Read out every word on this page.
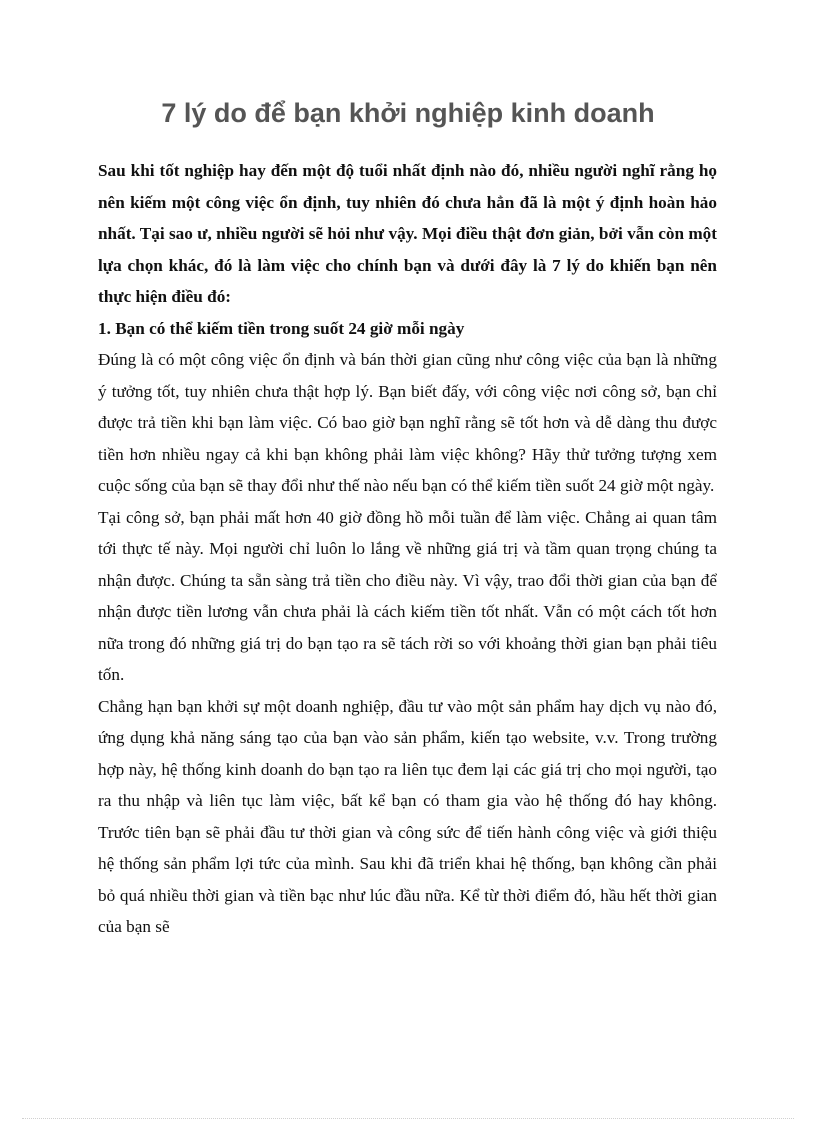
7 lý do để bạn khởi nghiệp kinh doanh

Sau khi tốt nghiệp hay đến một độ tuổi nhất định nào đó, nhiều người nghĩ rằng họ nên kiếm một công việc ổn định, tuy nhiên đó chưa hẳn đã là một ý định hoàn hảo nhất. Tại sao ư, nhiều người sẽ hỏi như vậy. Mọi điều thật đơn giản, bởi vẫn còn một lựa chọn khác, đó là làm việc cho chính bạn và dưới đây là 7 lý do khiến bạn nên thực hiện điều đó:

1. Bạn có thể kiếm tiền trong suốt 24 giờ mỗi ngày

Đúng là có một công việc ổn định và bán thời gian cũng như công việc của bạn là những ý tưởng tốt, tuy nhiên chưa thật hợp lý. Bạn biết đấy, với công việc nơi công sở, bạn chỉ được trả tiền khi bạn làm việc. Có bao giờ bạn nghĩ rằng sẽ tốt hơn và dễ dàng thu được tiền hơn nhiều ngay cả khi bạn không phải làm việc không? Hãy thử tưởng tượng xem cuộc sống của bạn sẽ thay đổi như thế nào nếu bạn có thể kiếm tiền suốt 24 giờ một ngày.

Tại công sở, bạn phải mất hơn 40 giờ đồng hồ mỗi tuần để làm việc. Chẳng ai quan tâm tới thực tế này. Mọi người chỉ luôn lo lắng về những giá trị và tầm quan trọng chúng ta nhận được. Chúng ta sẵn sàng trả tiền cho điều này. Vì vậy, trao đổi thời gian của bạn để nhận được tiền lương vẫn chưa phải là cách kiếm tiền tốt nhất. Vẫn có một cách tốt hơn nữa trong đó những giá trị do bạn tạo ra sẽ tách rời so với khoảng thời gian bạn phải tiêu tốn.

Chẳng hạn bạn khởi sự một doanh nghiệp, đầu tư vào một sản phẩm hay dịch vụ nào đó, ứng dụng khả năng sáng tạo của bạn vào sản phẩm, kiến tạo website, v.v. Trong trường hợp này, hệ thống kinh doanh do bạn tạo ra liên tục đem lại các giá trị cho mọi người, tạo ra thu nhập và liên tục làm việc, bất kể bạn có tham gia vào hệ thống đó hay không. Trước tiên bạn sẽ phải đầu tư thời gian và công sức để tiến hành công việc và giới thiệu hệ thống sản phẩm lợi tức của mình. Sau khi đã triển khai hệ thống, bạn không cần phải bỏ quá nhiều thời gian và tiền bạc như lúc đầu nữa. Kể từ thời điểm đó, hầu hết thời gian của bạn sẽ
